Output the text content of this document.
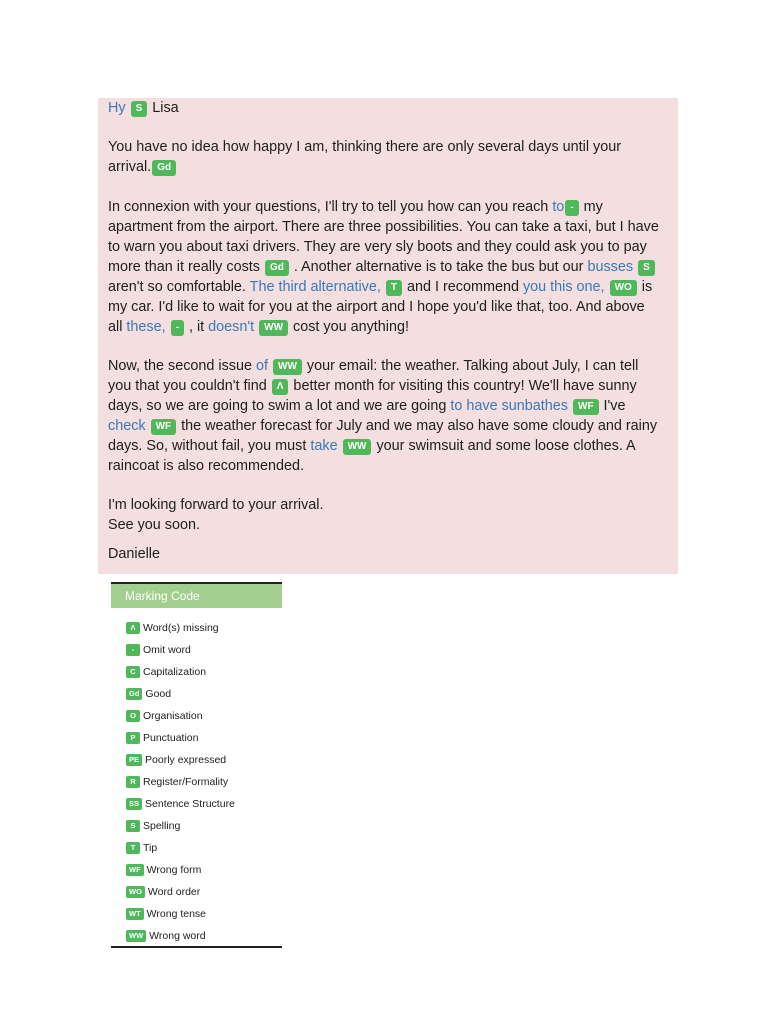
Hy S Lisa

You have no idea how happy I am, thinking there are only several days until your

arrival. Gd

In connexion with your questions, I'll try to tell you how can you reach to - my

apartment from the airport. There are three possibilities. You can take a taxi, but I have

to warn you about taxi drivers. They are very sly boots and they could ask you to pay

more than it really costs Gd . Another alternative is to take the bus but our busses S

aren't so comfortable. The third alternative, T and I recommend you this one, WO is

my car. I'd like to wait for you at the airport and I hope you'd like that, too. And above

all these, - , it doesn't WW cost you anything!

Now, the second issue of WW your email: the weather. Talking about July, I can tell

you that you couldn't find Λ better month for visiting this country! We'll have sunny

days, so we are going to swim a lot and we are going to have sunbathes WF I've

check WF the weather forecast for July and we may also have some cloudy and rainy

days. So, without fail, you must take WW your swimsuit and some loose clothes. A

raincoat is also recommended.

I'm looking forward to your arrival.

See you soon.

Danielle

Marking Code
Λ Word(s) missing
- Omit word
C Capitalization
Gd Good
O Organisation
P Punctuation
PE Poorly expressed
R Register/Formality
SS Sentence Structure
S Spelling
T Tip
WF Wrong form
WO Word order
WT Wrong tense
WW Wrong word
